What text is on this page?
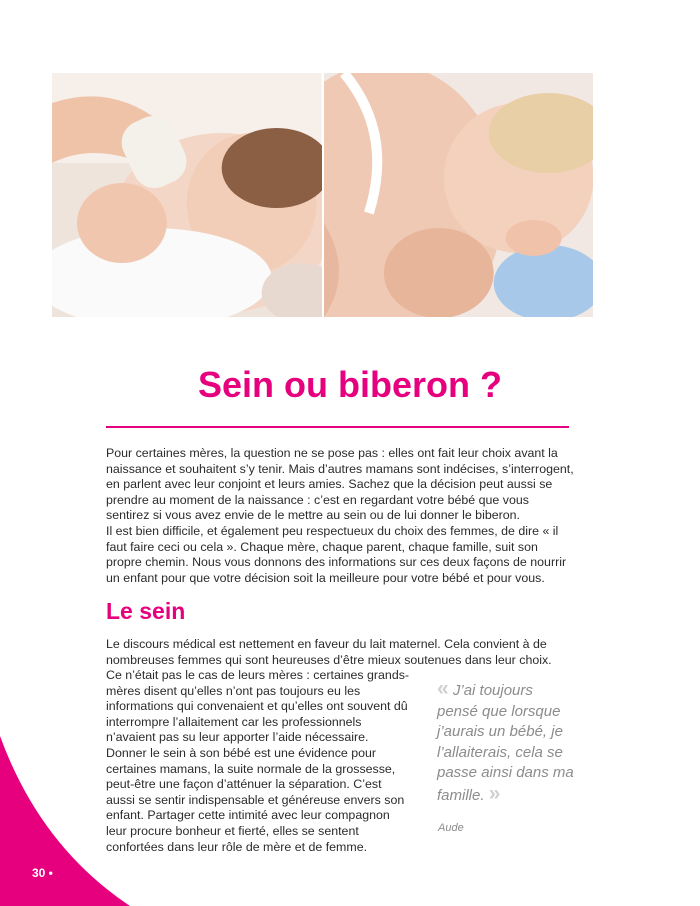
Sein ou biberon ?

Pour certaines mères, la question ne se pose pas : elles ont fait leur choix avant la naissance et souhaitent s’y tenir. Mais d’autres mamans sont indécises, s’interrogent, en parlent avec leur conjoint et leurs amies. Sachez que la décision peut aussi se prendre au moment de la naissance : c’est en regardant votre bébé que vous sentirez si vous avez envie de le mettre au sein ou de lui donner le biberon.

Il est bien difficile, et également peu respectueux du choix des femmes, de dire « il faut faire ceci ou cela ». Chaque mère, chaque parent, chaque famille, suit son propre chemin. Nous vous donnons des informations sur ces deux façons de nourrir un enfant pour que votre décision soit la meilleure pour votre bébé et pour vous.

Le sein

Le discours médical est nettement en faveur du lait maternel. Cela convient à de nombreuses femmes qui sont heureuses d’être mieux soutenues dans leur choix.

Ce n’était pas le cas de leurs mères : certaines grands-mères disent qu’elles n’ont pas toujours eu les informations qui convenaient et qu’elles ont souvent dû interrompre l’allaitement car les professionnels n’avaient pas su leur apporter l’aide nécessaire. Donner le sein à son bébé est une évidence pour certaines mamans, la suite normale de la grossesse, peut-être une façon d’atténuer la séparation. C’est aussi se sentir indispensable et généreuse envers son enfant. Partager cette intimité avec leur compagnon leur procure bonheur et fierté, elles se sentent confortées dans leur rôle de mère et de femme.

« J’ai toujours pensé que lorsque j’aurais un bébé, je l’allaiterais, cela se passe ainsi dans ma famille. »

Aude
30 •
